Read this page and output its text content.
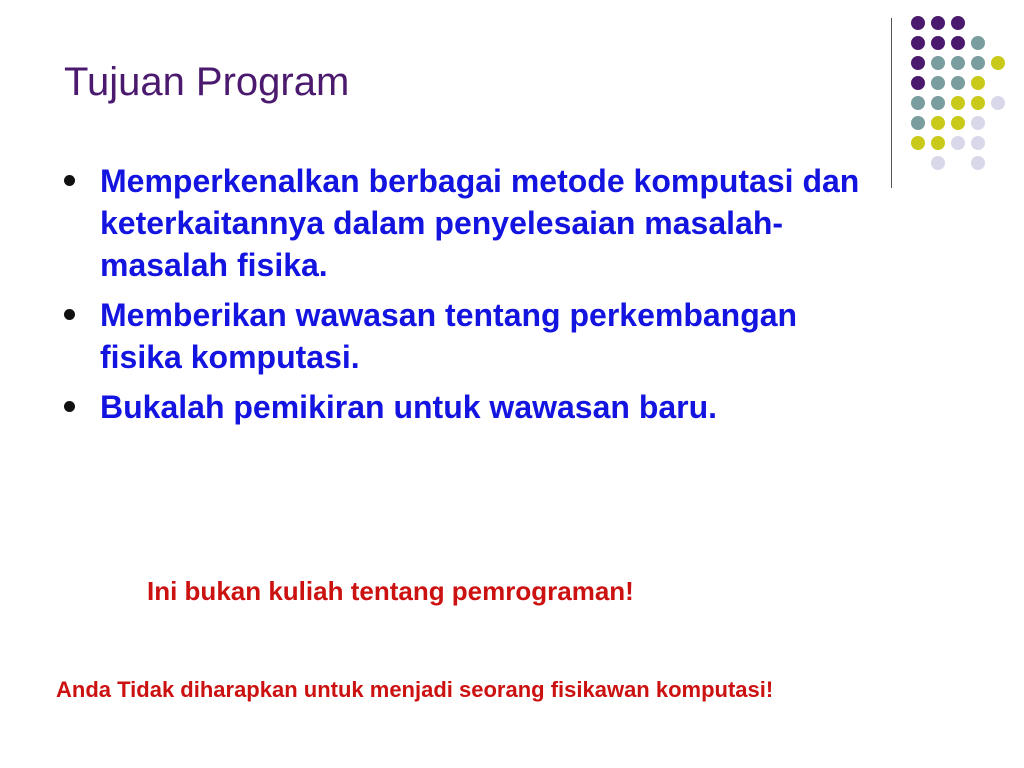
Tujuan Program
Memperkenalkan berbagai metode komputasi dan keterkaitannya dalam penyelesaian masalah-masalah fisika.
Memberikan wawasan tentang perkembangan fisika komputasi.
Bukalah pemikiran untuk wawasan baru.
Ini bukan kuliah tentang pemrograman!
Anda Tidak diharapkan untuk menjadi seorang fisikawan komputasi!
